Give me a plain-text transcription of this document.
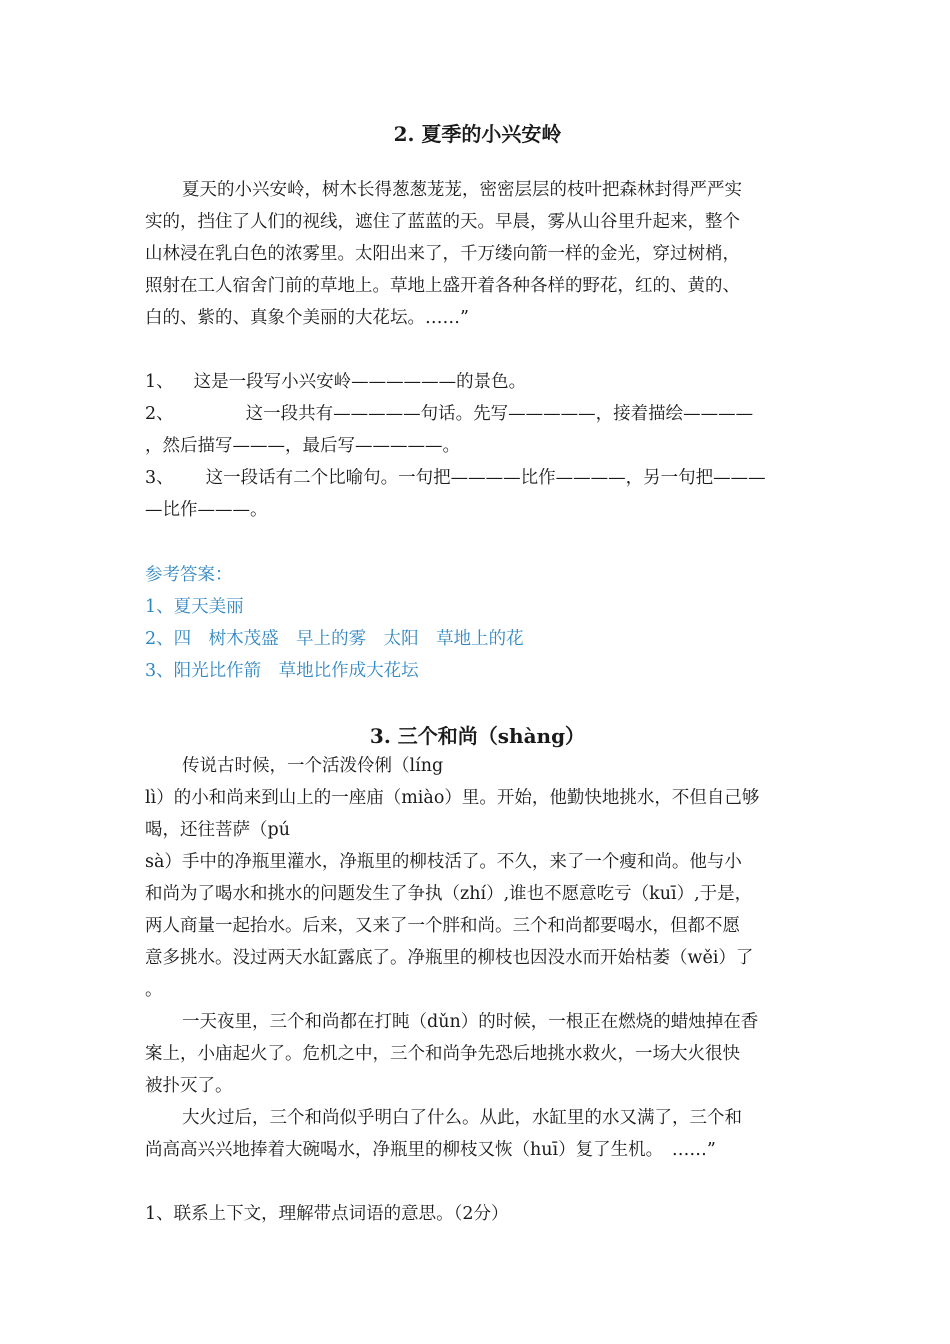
2. 夏季的小兴安岭
夏天的小兴安岭，树木长得葱葱茏茏，密密层层的枝叶把森林封得严严实
实的，挡住了人们的视线，遮住了蓝蓝的天。早晨，雾从山谷里升起来，整个
山林浸在乳白色的浓雾里。太阳出来了，千万缕向箭一样的金光，穿过树梢，
照射在工人宿舍门前的草地上。草地上盛开着各种各样的野花，红的、黄的、
白的、紫的、真象个美丽的大花坛。……”
1、 这是一段写小兴安岭——————的景色。
2、	这一段共有—————句话。先写—————，接着描绘————
，然后描写———，最后写—————。
3、 这一段话有二个比喻句。一句把————比作————，另一句把———
—比作———。
参考答案：
1、夏天美丽
2、四　树木茂盛　早上的雾　太阳　草地上的花
3、阳光比作箭　草地比作成大花坛
3. 三个和尚（shàng）
传说古时候，一个活泼伶俐（líng
lì）的小和尚来到山上的一座庙（miào）里。开始，他勤快地挑水，不但自己够
喝，还往菩萨（pú
sà）手中的净瓶里灌水，净瓶里的柳枝活了。不久，来了一个瘦和尚。他与小
和尚为了喝水和挑水的问题发生了争执（zhí）,谁也不愿意吃亏（kuī）,于是，
两人商量一起抬水。后来，又来了一个胖和尚。三个和尚都要喝水，但都不愿
意多挑水。没过两天水缸露底了。净瓶里的柳枝也因没水而开始枯萎（wěi）了
。
一天夜里，三个和尚都在打盹（dǔn）的时候，一根正在燃烧的蜡烛掉在香
案上，小庙起火了。危机之中，三个和尚争先恐后地挑水救火，一场大火很快
被扑灭了。
大火过后，三个和尚似乎明白了什么。从此，水缸里的水又满了，三个和
尚高高兴兴地捧着大碗喝水，净瓶里的柳枝又恢（huī）复了生机。　……”
1、联系上下文，理解带点词语的意思。（2分）
